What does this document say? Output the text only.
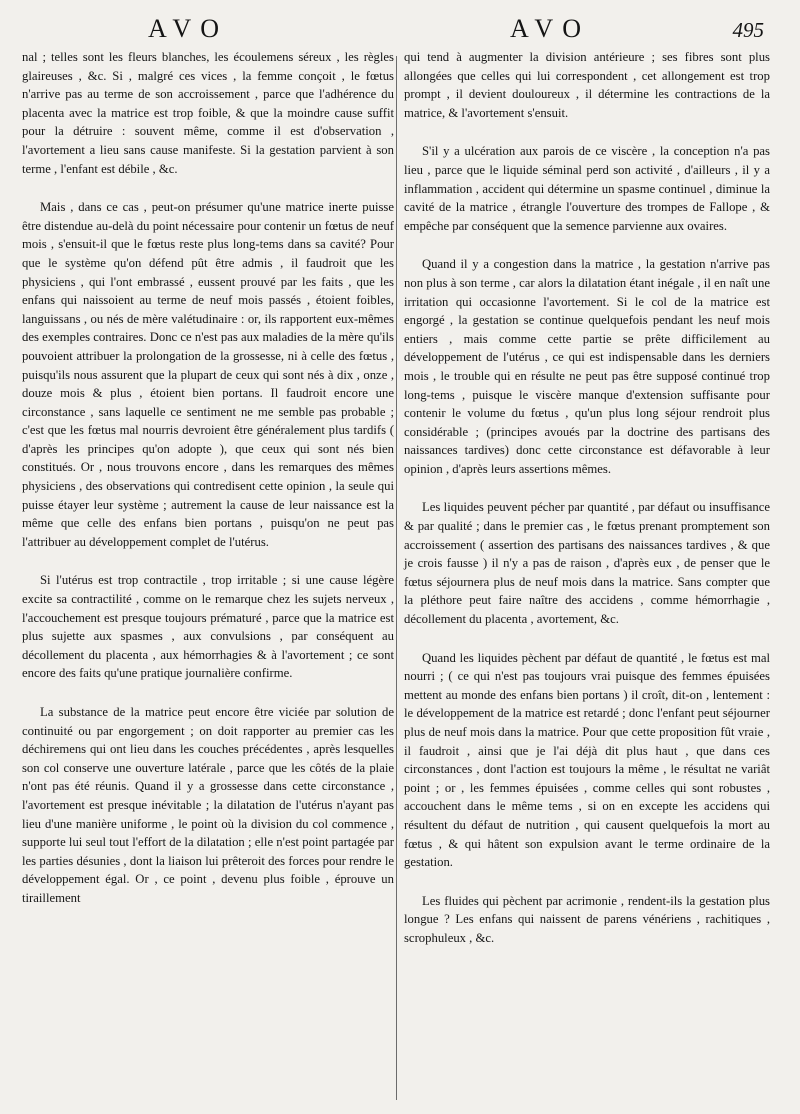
AVO	AVO	495

nal ; telles sont les fleurs blanches, les écoulemens séreux , les règles glaireuses , &c. Si , malgré ces vices , la femme conçoit , le fœtus n'arrive pas au terme de son accroissement , parce que l'adhérence du placenta avec la matrice est trop foible, & que la moindre cause suffit pour la détruire : souvent même, comme il est d'observation , l'avortement a lieu sans cause manifeste. Si la gestation parvient à son terme , l'enfant est débile , &c.

Mais , dans ce cas , peut-on présumer qu'une matrice inerte puisse être distendue au-delà du point nécessaire pour contenir un fœtus de neuf mois , s'ensuit-il que le fœtus reste plus long-tems dans sa cavité? Pour que le système qu'on défend pût être admis , il faudroit que les physiciens , qui l'ont embrassé , eussent prouvé par les faits , que les enfans qui naissoient au terme de neuf mois passés , étoient foibles, languissans , ou nés de mère valétudinaire : or, ils rapportent eux-mêmes des exemples contraires. Donc ce n'est pas aux maladies de la mère qu'ils pouvoient attribuer la prolongation de la grossesse, ni à celle des fœtus , puisqu'ils nous assurent que la plupart de ceux qui sont nés à dix , onze , douze mois & plus , étoient bien portans. Il faudroit encore une circonstance , sans laquelle ce sentiment ne me semble pas probable ; c'est que les fœtus mal nourris devroient être généralement plus tardifs ( d'après les principes qu'on adopte ), que ceux qui sont nés bien constitués. Or , nous trouvons encore , dans les remarques des mêmes physiciens , des observations qui contredisent cette opinion , la seule qui puisse étayer leur système ; autrement la cause de leur naissance est la même que celle des enfans bien portans , puisqu'on ne peut pas l'attribuer au développement complet de l'utérus.

Si l'utérus est trop contractile , trop irritable ; si une cause légère excite sa contractilité , comme on le remarque chez les sujets nerveux , l'accouchement est presque toujours prématuré , parce que la matrice est plus sujette aux spasmes , aux convulsions , par conséquent au décollement du placenta , aux hémorrhagies & à l'avortement ; ce sont encore des faits qu'une pratique journalière confirme.

La substance de la matrice peut encore être viciée par solution de continuité ou par engorgement ; on doit rapporter au premier cas les déchiremens qui ont lieu dans les couches précédentes , après lesquelles son col conserve une ouverture latérale , parce que les côtés de la plaie n'ont pas été réunis. Quand il y a grossesse dans cette circonstance , l'avortement est presque inévitable ; la dilatation de l'utérus n'ayant pas lieu d'une manière uniforme , le point où la division du col commence , supporte lui seul tout l'effort de la dilatation ; elle n'est point partagée par les parties désunies , dont la liaison lui prêteroit des forces pour rendre le développement égal. Or , ce point , devenu plus foible , éprouve un tiraillement

qui tend à augmenter la division antérieure ; ses fibres sont plus allongées que celles qui lui correspondent , cet allongement est trop prompt , il devient douloureux , il détermine les contractions de la matrice, & l'avortement s'ensuit.

S'il y a ulcération aux parois de ce viscère , la conception n'a pas lieu , parce que le liquide séminal perd son activité , d'ailleurs , il y a inflammation , accident qui détermine un spasme continuel , diminue la cavité de la matrice , étrangle l'ouverture des trompes de Fallope , & empêche par conséquent que la semence parvienne aux ovaires.

Quand il y a congestion dans la matrice , la gestation n'arrive pas non plus à son terme , car alors la dilatation étant inégale , il en naît une irritation qui occasionne l'avortement. Si le col de la matrice est engorgé , la gestation se continue quelquefois pendant les neuf mois entiers , mais comme cette partie se prête difficilement au développement de l'utérus , ce qui est indispensable dans les derniers mois , le trouble qui en résulte ne peut pas être supposé continué trop long-tems , puisque le viscère manque d'extension suffisante pour contenir le volume du fœtus , qu'un plus long séjour rendroit plus considérable ; (principes avoués par la doctrine des partisans des naissances tardives) donc cette circonstance est défavorable à leur opinion , d'après leurs assertions mêmes.

Les liquides peuvent pécher par quantité , par défaut ou insuffisance & par qualité ; dans le premier cas , le fœtus prenant promptement son accroissement ( assertion des partisans des naissances tardives , & que je crois fausse ) il n'y a pas de raison , d'après eux , de penser que le fœtus séjournera plus de neuf mois dans la matrice. Sans compter que la pléthore peut faire naître des accidens , comme hémorrhagie , décollement du placenta , avortement, &c.

Quand les liquides pèchent par défaut de quantité , le fœtus est mal nourri ; ( ce qui n'est pas toujours vrai puisque des femmes épuisées mettent au monde des enfans bien portans ) il croît, dit-on , lentement : le développement de la matrice est retardé ; donc l'enfant peut séjourner plus de neuf mois dans la matrice. Pour que cette proposition fût vraie , il faudroit , ainsi que je l'ai déjà dit plus haut , que dans ces circonstances , dont l'action est toujours la même , le résultat ne variât point ; or , les femmes épuisées , comme celles qui sont robustes , accouchent dans le même tems , si on en excepte les accidens qui résultent du défaut de nutrition , qui causent quelquefois la mort au fœtus , & qui hâtent son expulsion avant le terme ordinaire de la gestation.

Les fluides qui pèchent par acrimonie , rendent-ils la gestation plus longue ? Les enfans qui naissent de parens vénériens , rachitiques , scrophuleux , &c.
